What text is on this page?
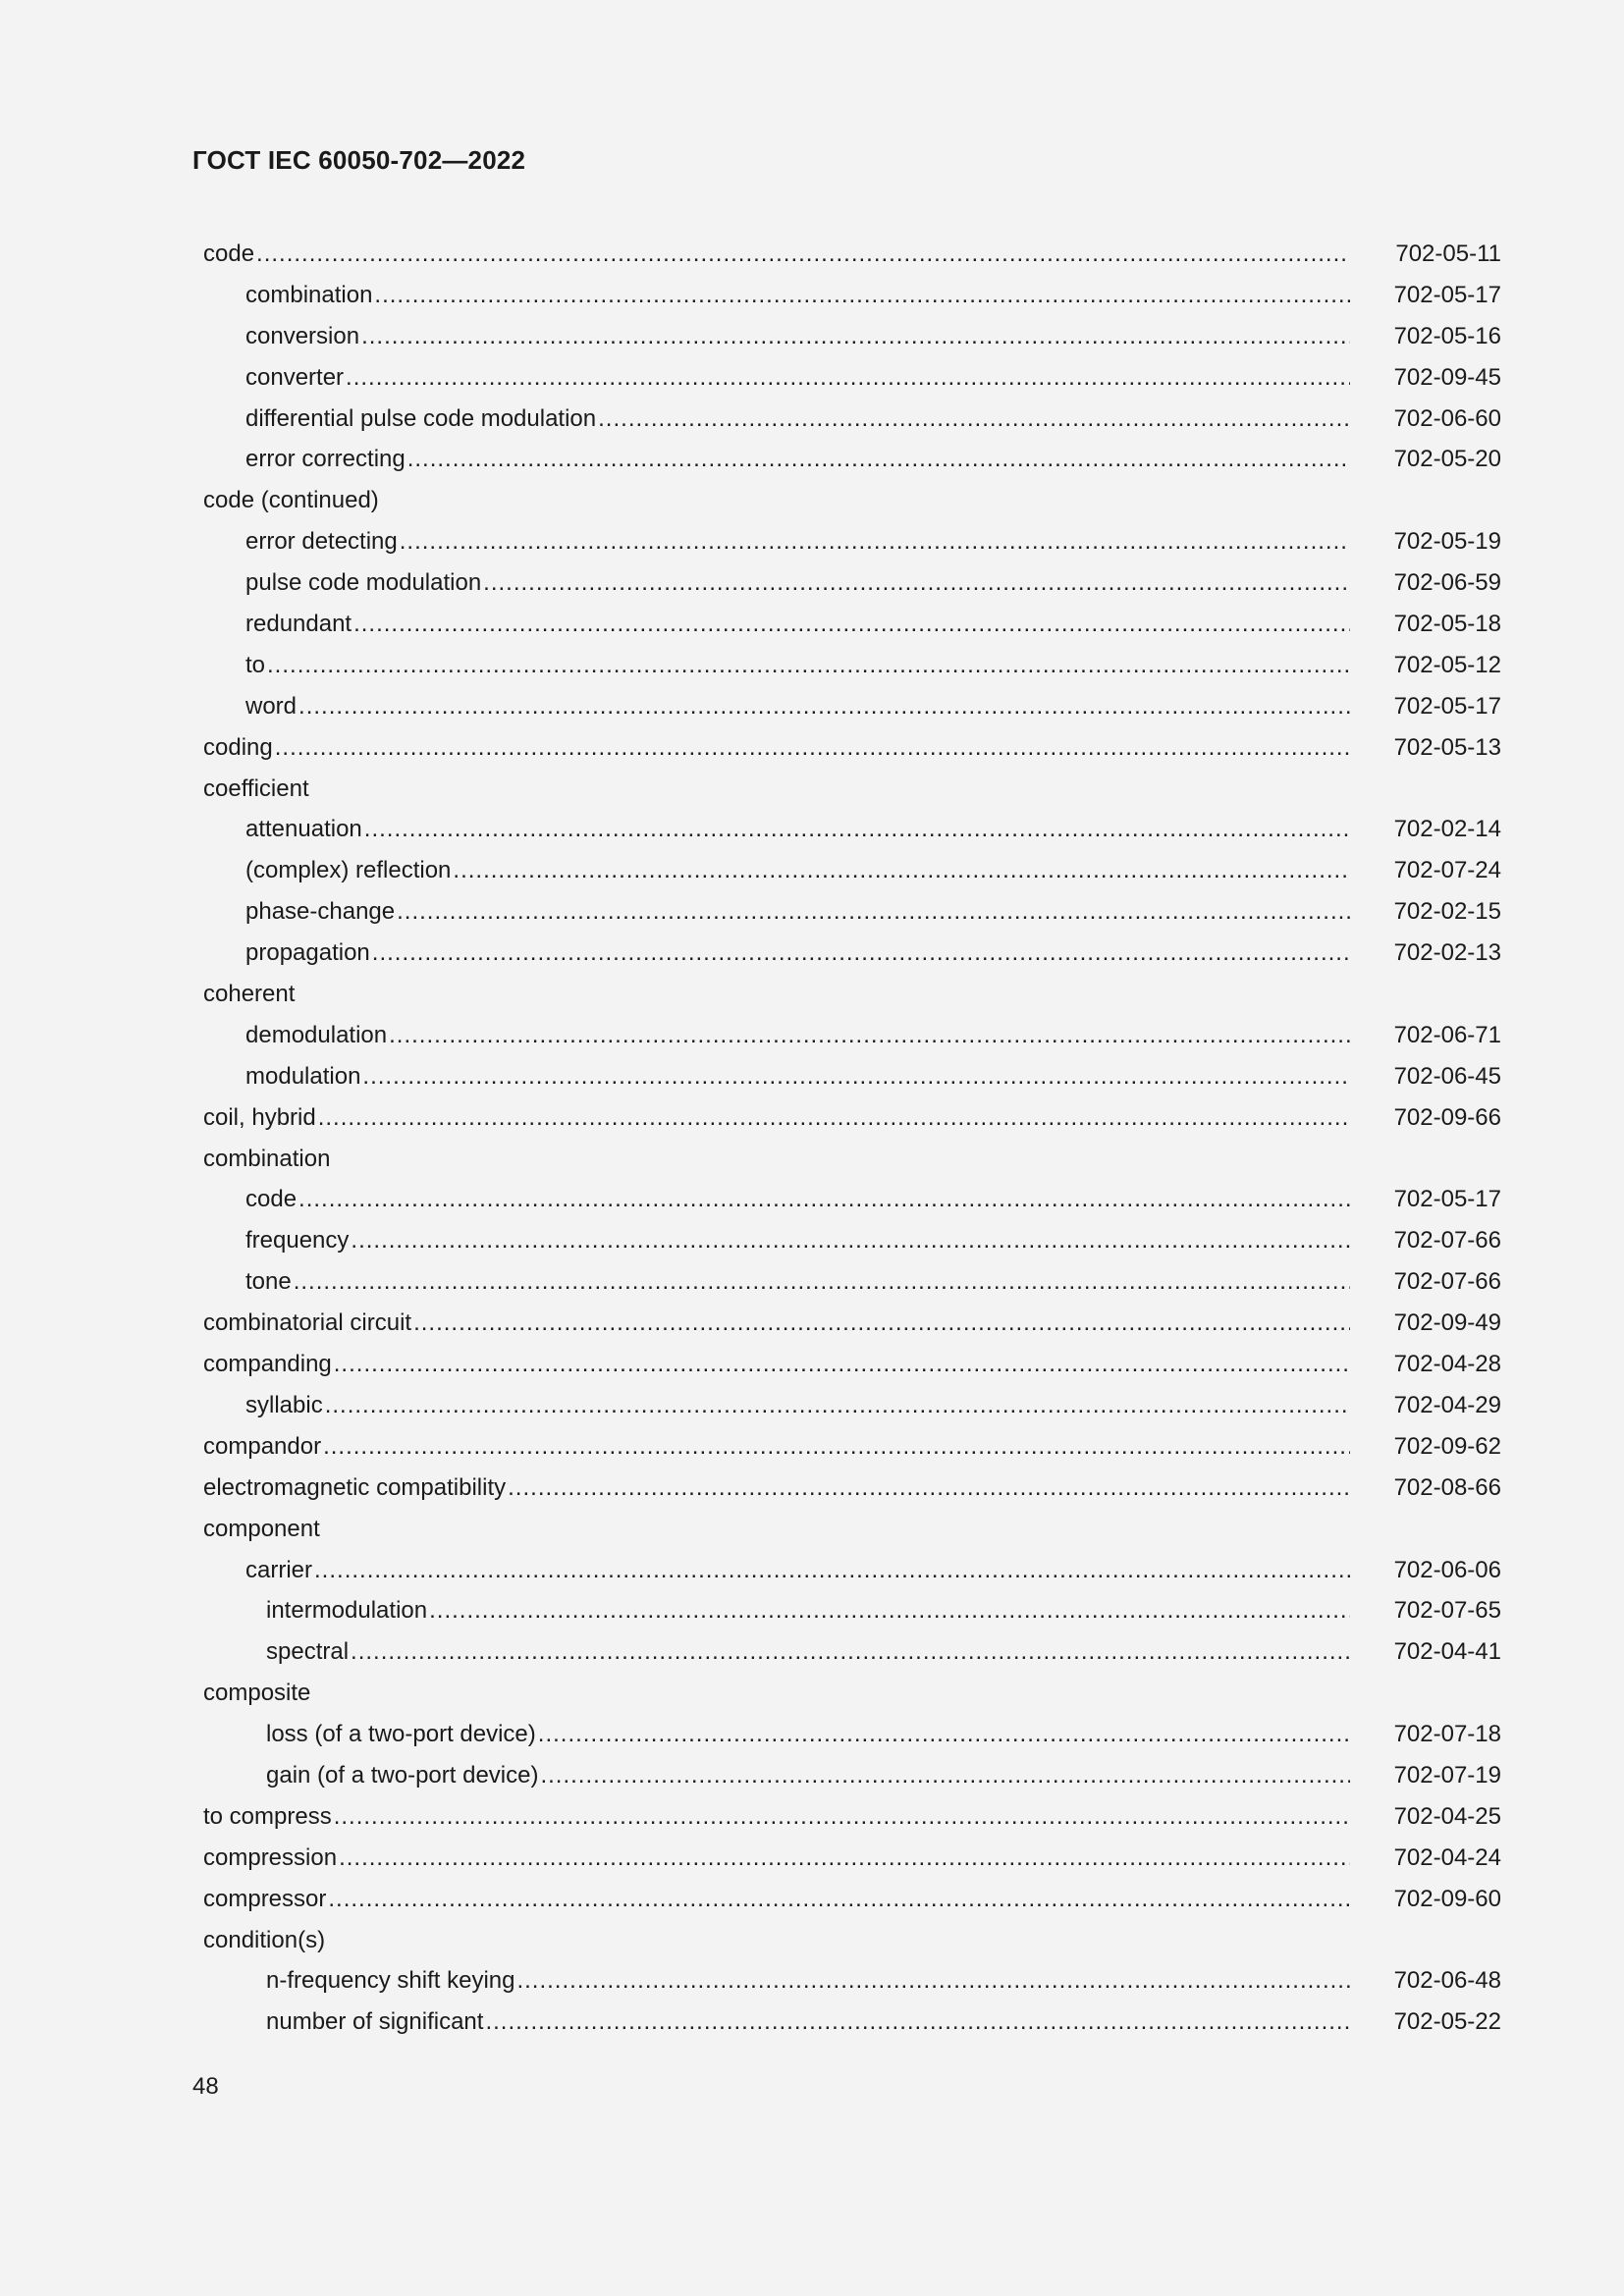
ГОСТ IEC 60050-702—2022
code .....	702-05-11
combination .....	702-05-17
conversion .....	702-05-16
converter .....	702-09-45
differential pulse code modulation .....	702-06-60
error correcting .....	702-05-20
code (continued)
error detecting .....	702-05-19
pulse code modulation .....	702-06-59
redundant .....	702-05-18
to .....	702-05-12
word .....	702-05-17
coding .....	702-05-13
coefficient
attenuation .....	702-02-14
(complex) reflection .....	702-07-24
phase-change .....	702-02-15
propagation .....	702-02-13
coherent
demodulation .....	702-06-71
modulation .....	702-06-45
coil, hybrid .....	702-09-66
combination
code .....	702-05-17
frequency .....	702-07-66
tone .....	702-07-66
combinatorial circuit .....	702-09-49
companding .....	702-04-28
syllabic .....	702-04-29
compandor .....	702-09-62
electromagnetic compatibility .....	702-08-66
component
carrier .....	702-06-06
intermodulation .....	702-07-65
spectral .....	702-04-41
composite
loss (of a two-port device) .....	702-07-18
gain (of a two-port device) .....	702-07-19
to compress .....	702-04-25
compression .....	702-04-24
compressor .....	702-09-60
condition(s)
n-frequency shift keying .....	702-06-48
number of significant .....	702-05-22
48
